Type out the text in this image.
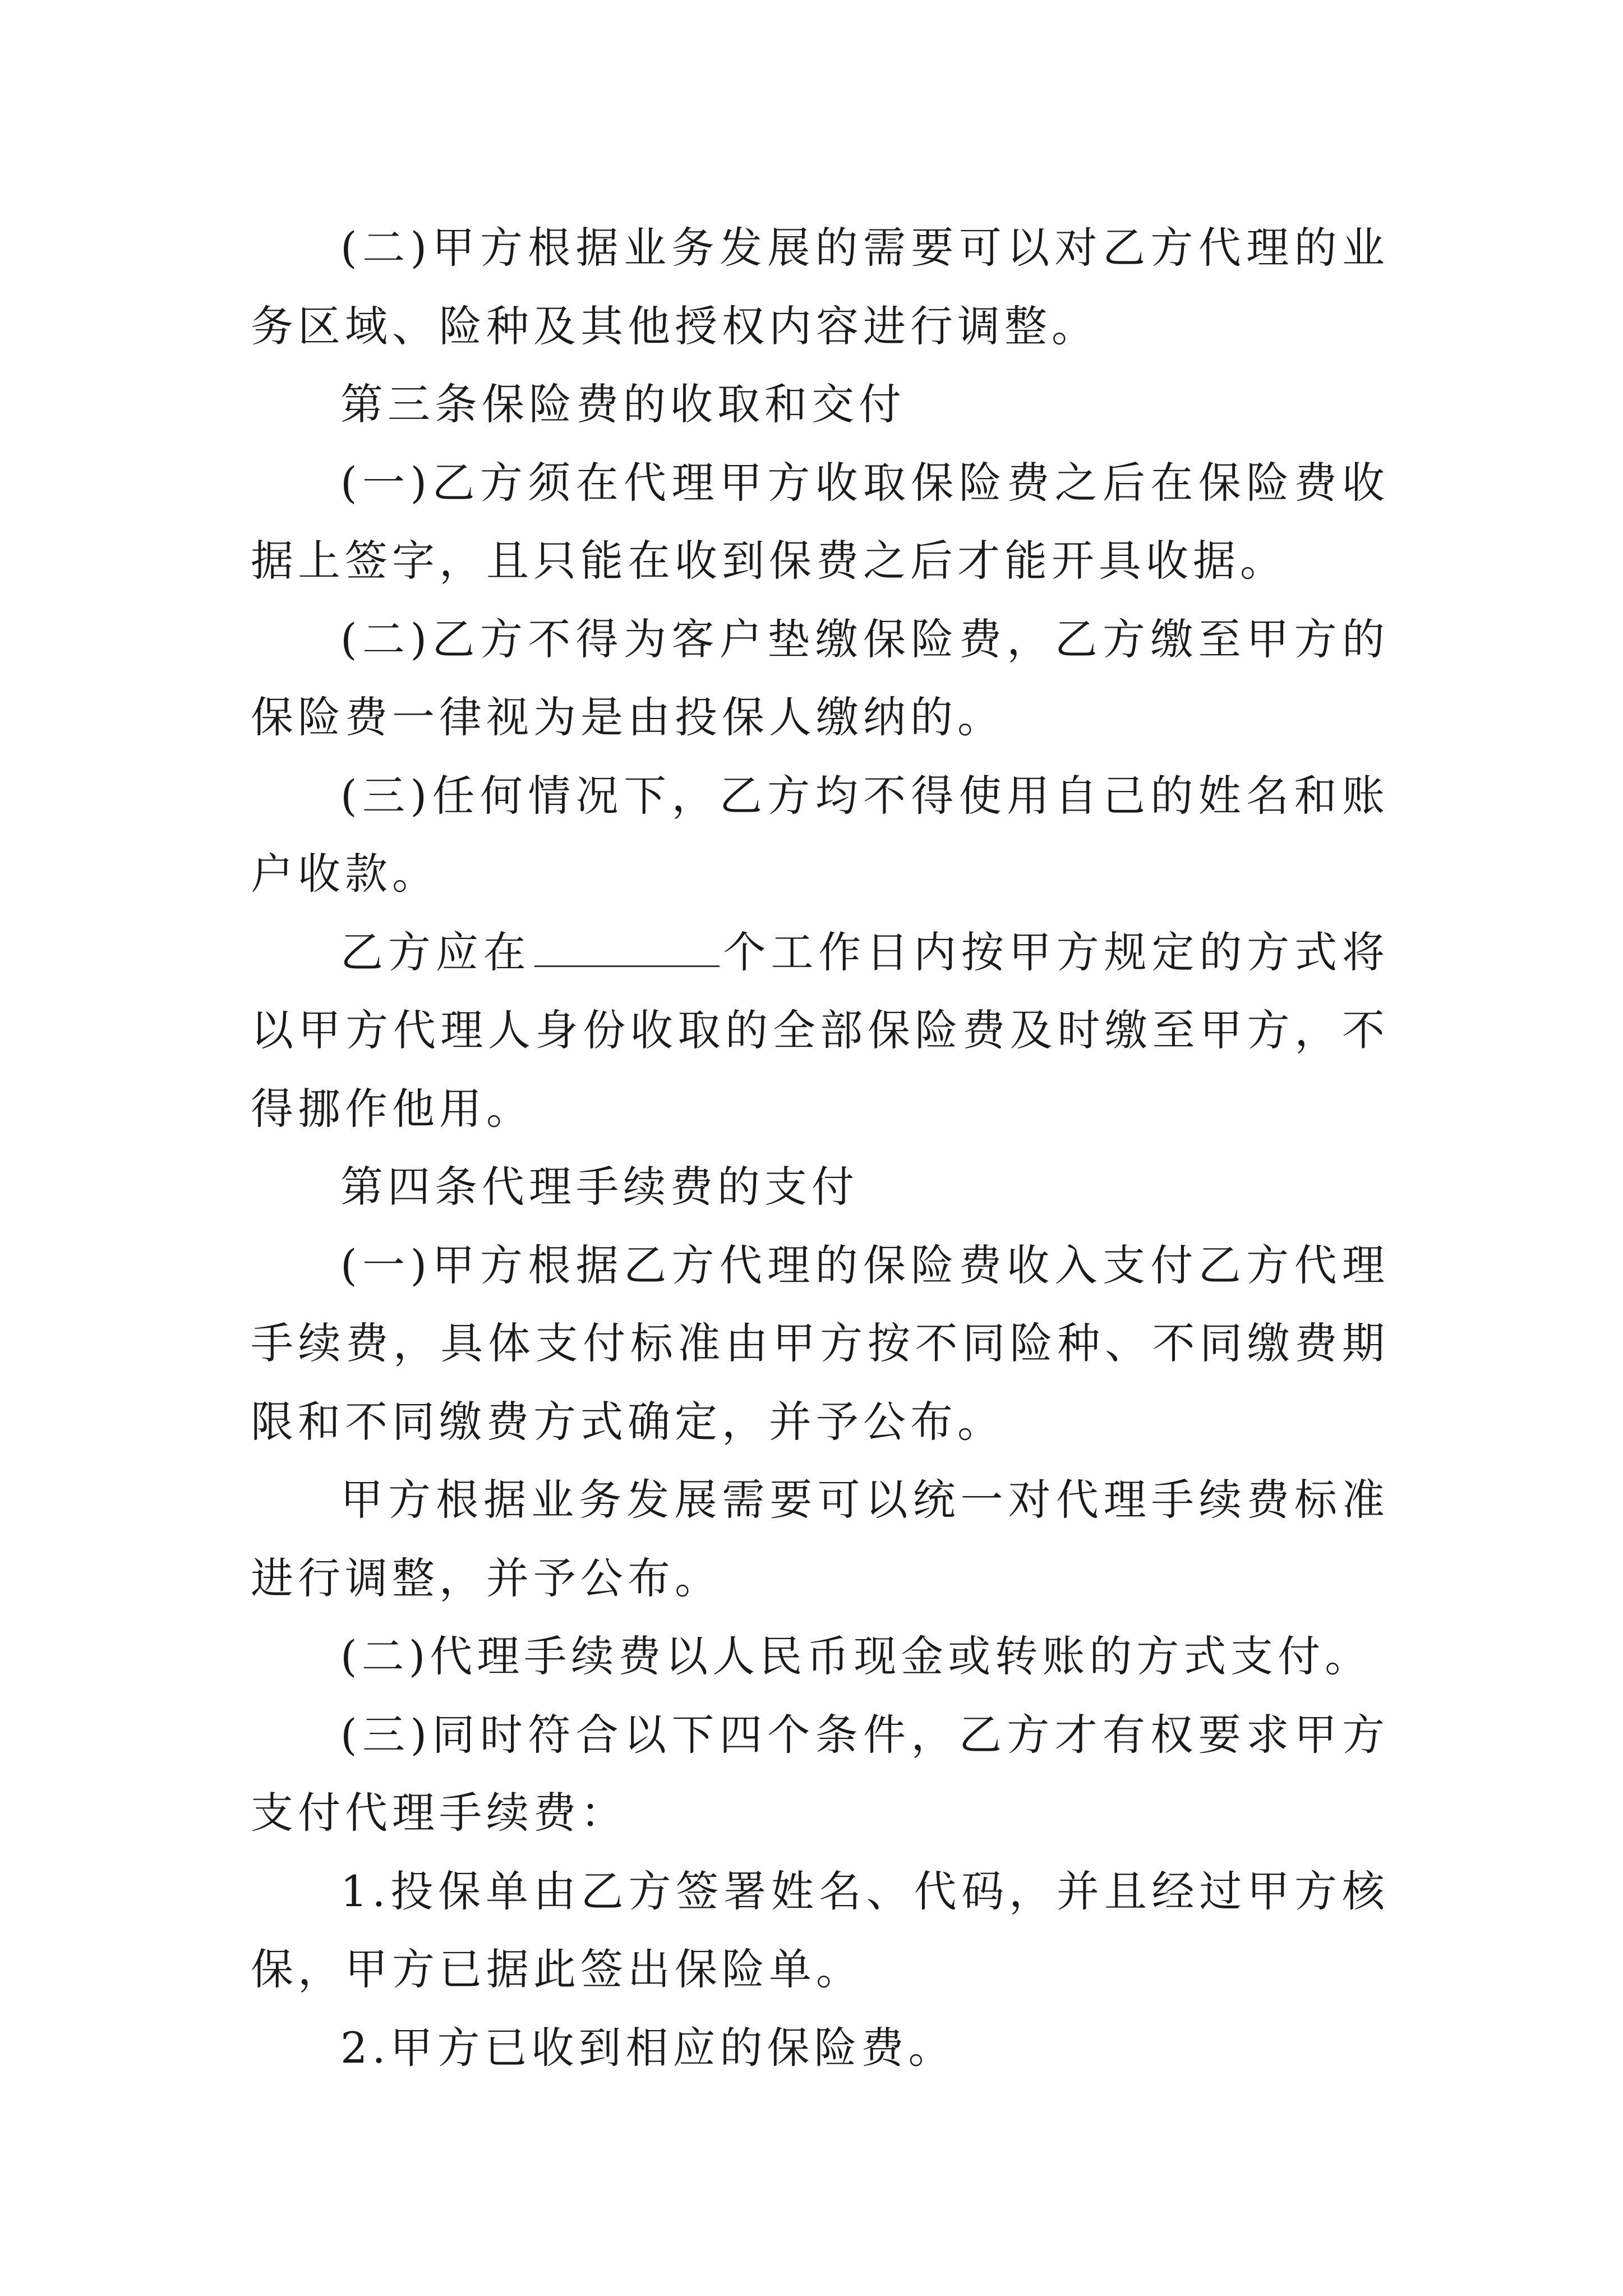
(二)甲方根据业务发展的需要可以对乙方代理的业务区域、险种及其他授权内容进行调整。

第三条保险费的收取和交付

(一)乙方须在代理甲方收取保险费之后在保险费收据上签字，且只能在收到保费之后才能开具收据。

(二)乙方不得为客户垫缴保险费，乙方缴至甲方的保险费一律视为是由投保人缴纳的。

(三)任何情况下，乙方均不得使用自己的姓名和账户收款。

乙方应在	个工作日内按甲方规定的方式将以甲方代理人身份收取的全部保险费及时缴至甲方，不得挪作他用。

第四条代理手续费的支付

(一)甲方根据乙方代理的保险费收入支付乙方代理手续费，具体支付标准由甲方按不同险种、不同缴费期限和不同缴费方式确定，并予公布。

甲方根据业务发展需要可以统一对代理手续费标准进行调整，并予公布。

(二)代理手续费以人民币现金或转账的方式支付。

(三)同时符合以下四个条件，乙方才有权要求甲方支付代理手续费：

1.投保单由乙方签署姓名、代码，并且经过甲方核保，甲方已据此签出保险单。

2.甲方已收到相应的保险费。
